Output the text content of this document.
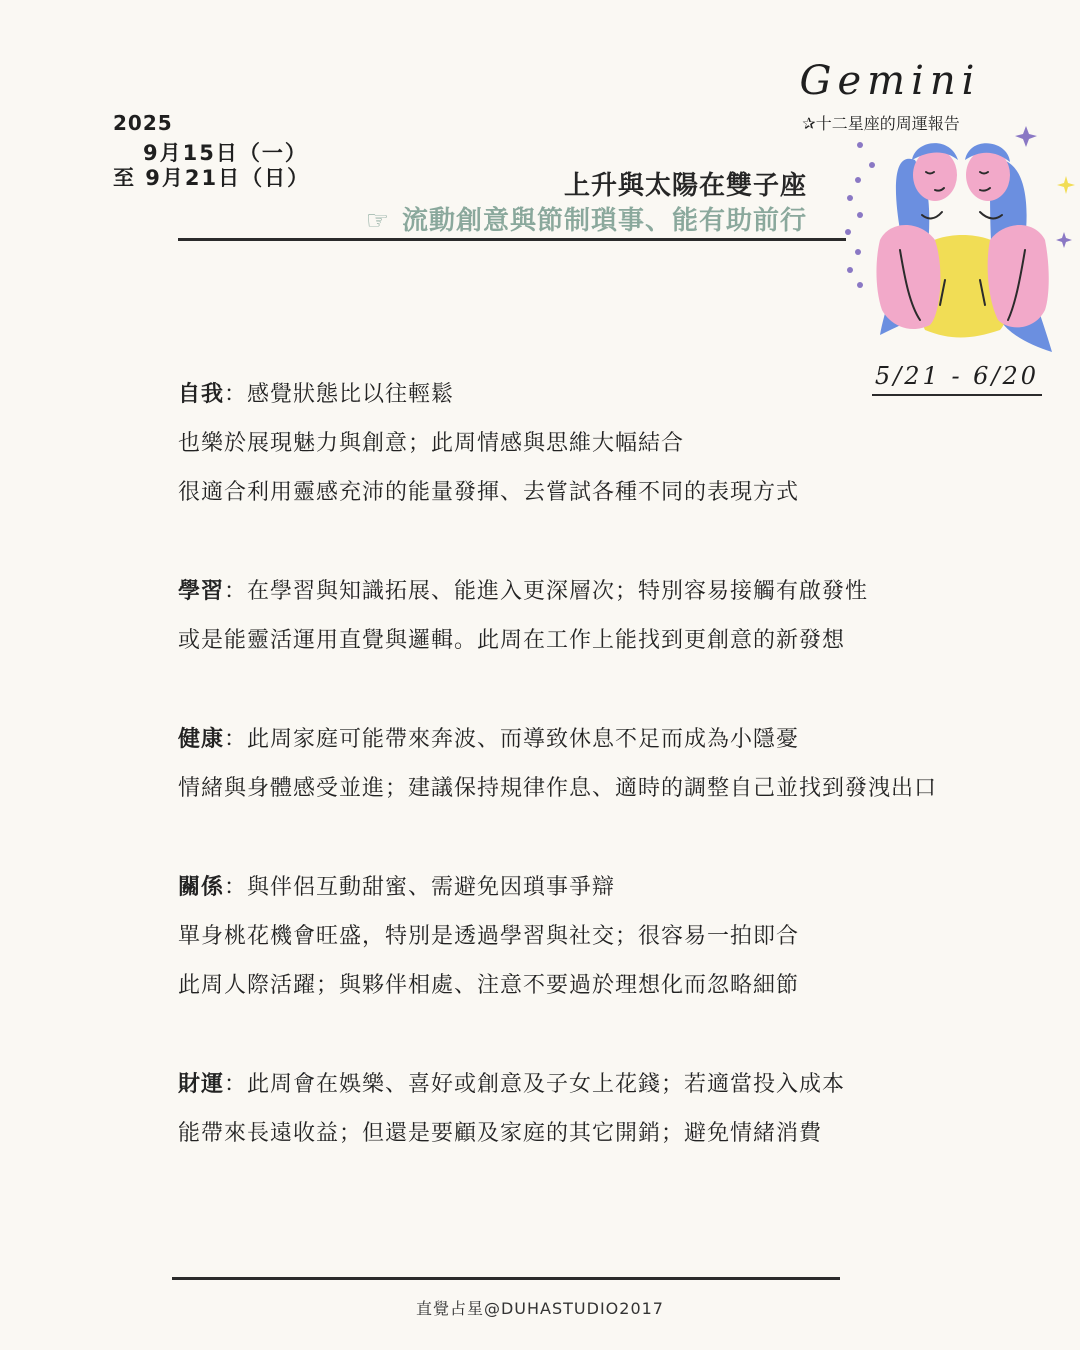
2025
9月15日（一）
至 9月21日（日）	上升與太陽在雙子座
☞ 流動創意與節制瑣事、能有助前行
Gemini
✰十二星座的周運報告
5/21 - 6/20
自我：感覺狀態比以往輕鬆
也樂於展現魅力與創意；此周情感與思維大幅結合
很適合利用靈感充沛的能量發揮、去嘗試各種不同的表現方式
學習：在學習與知識拓展、能進入更深層次；特別容易接觸有啟發性
或是能靈活運用直覺與邏輯。此周在工作上能找到更創意的新發想
健康：此周家庭可能帶來奔波、而導致休息不足而成為小隱憂
情緒與身體感受並進；建議保持規律作息、適時的調整自己並找到發洩出口
關係：與伴侶互動甜蜜、需避免因瑣事爭辯
單身桃花機會旺盛，特別是透過學習與社交；很容易一拍即合
此周人際活躍；與夥伴相處、注意不要過於理想化而忽略細節
財運：此周會在娛樂、喜好或創意及子女上花錢；若適當投入成本
能帶來長遠收益；但還是要顧及家庭的其它開銷；避免情緒消費
直覺占星@DUHASTUDIO2017
